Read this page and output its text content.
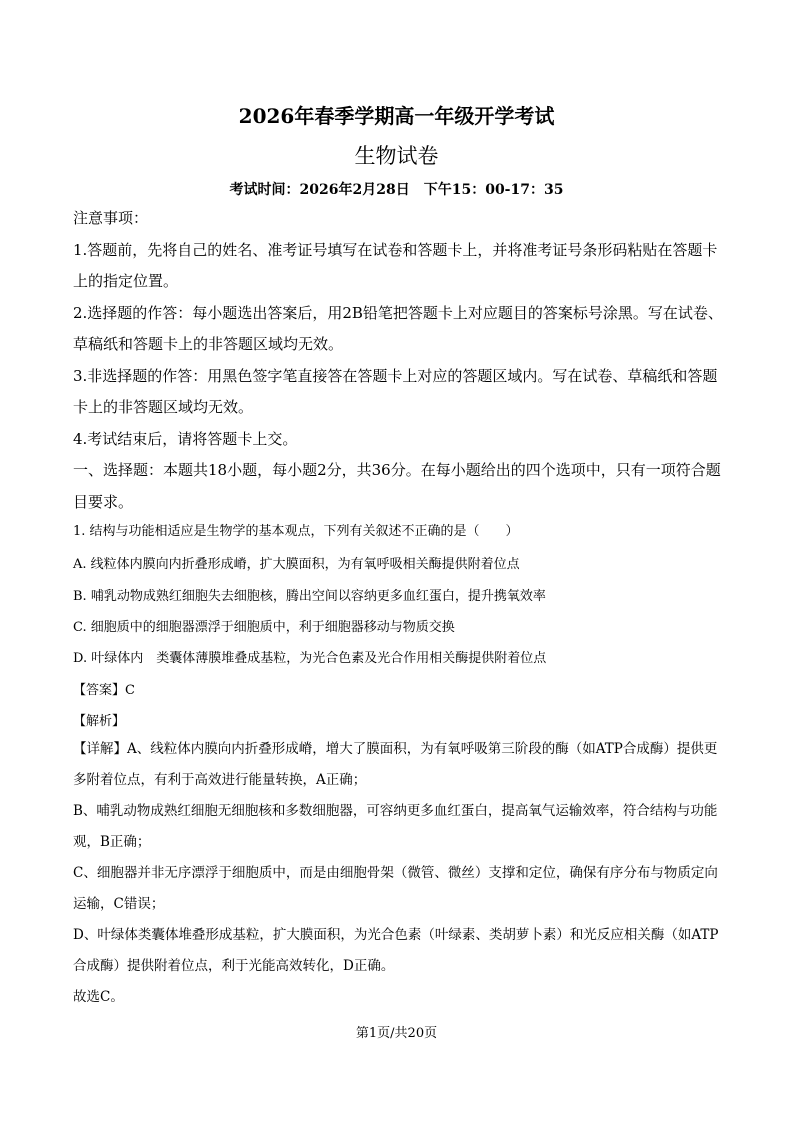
2026年春季学期高一年级开学考试
生物试卷
考试时间：2026年2月28日　下午15：00-17：35

注意事项：

1.答题前，先将自己的姓名、准考证号填写在试卷和答题卡上，并将准考证号条形码粘贴在答题卡上的指定位置。

2.选择题的作答：每小题选出答案后，用2B铅笔把答题卡上对应题目的答案标号涂黑。写在试卷、草稿纸和答题卡上的非答题区域均无效。

3.非选择题的作答：用黑色签字笔直接答在答题卡上对应的答题区域内。写在试卷、草稿纸和答题卡上的非答题区域均无效。

4.考试结束后，请将答题卡上交。

一、选择题：本题共18小题，每小题2分，共36分。在每小题给出的四个选项中，只有一项符合题目要求。

1. 结构与功能相适应是生物学的基本观点，下列有关叙述不正确的是（　　）
A. 线粒体内膜向内折叠形成嵴，扩大膜面积，为有氧呼吸相关酶提供附着位点
B. 哺乳动物成熟红细胞失去细胞核，腾出空间以容纳更多血红蛋白，提升携氧效率
C. 细胞质中的细胞器漂浮于细胞质中，利于细胞器移动与物质交换
D. 叶绿体内　类囊体薄膜堆叠成基粒，为光合色素及光合作用相关酶提供附着位点
【答案】C
【解析】

【详解】A、线粒体内膜向内折叠形成嵴，增大了膜面积，为有氧呼吸第三阶段的酶（如ATP合成酶）提供更多附着位点，有利于高效进行能量转换，A正确；

B、哺乳动物成熟红细胞无细胞核和多数细胞器，可容纳更多血红蛋白，提高氧气运输效率，符合结构与功能观，B正确；

C、细胞器并非无序漂浮于细胞质中，而是由细胞骨架（微管、微丝）支撑和定位，确保有序分布与物质定向运输，C错误；

D、叶绿体类囊体堆叠形成基粒，扩大膜面积，为光合色素（叶绿素、类胡萝卜素）和光反应相关酶（如ATP合成酶）提供附着位点，利于光能高效转化，D正确。

故选C。

第1页/共20页
